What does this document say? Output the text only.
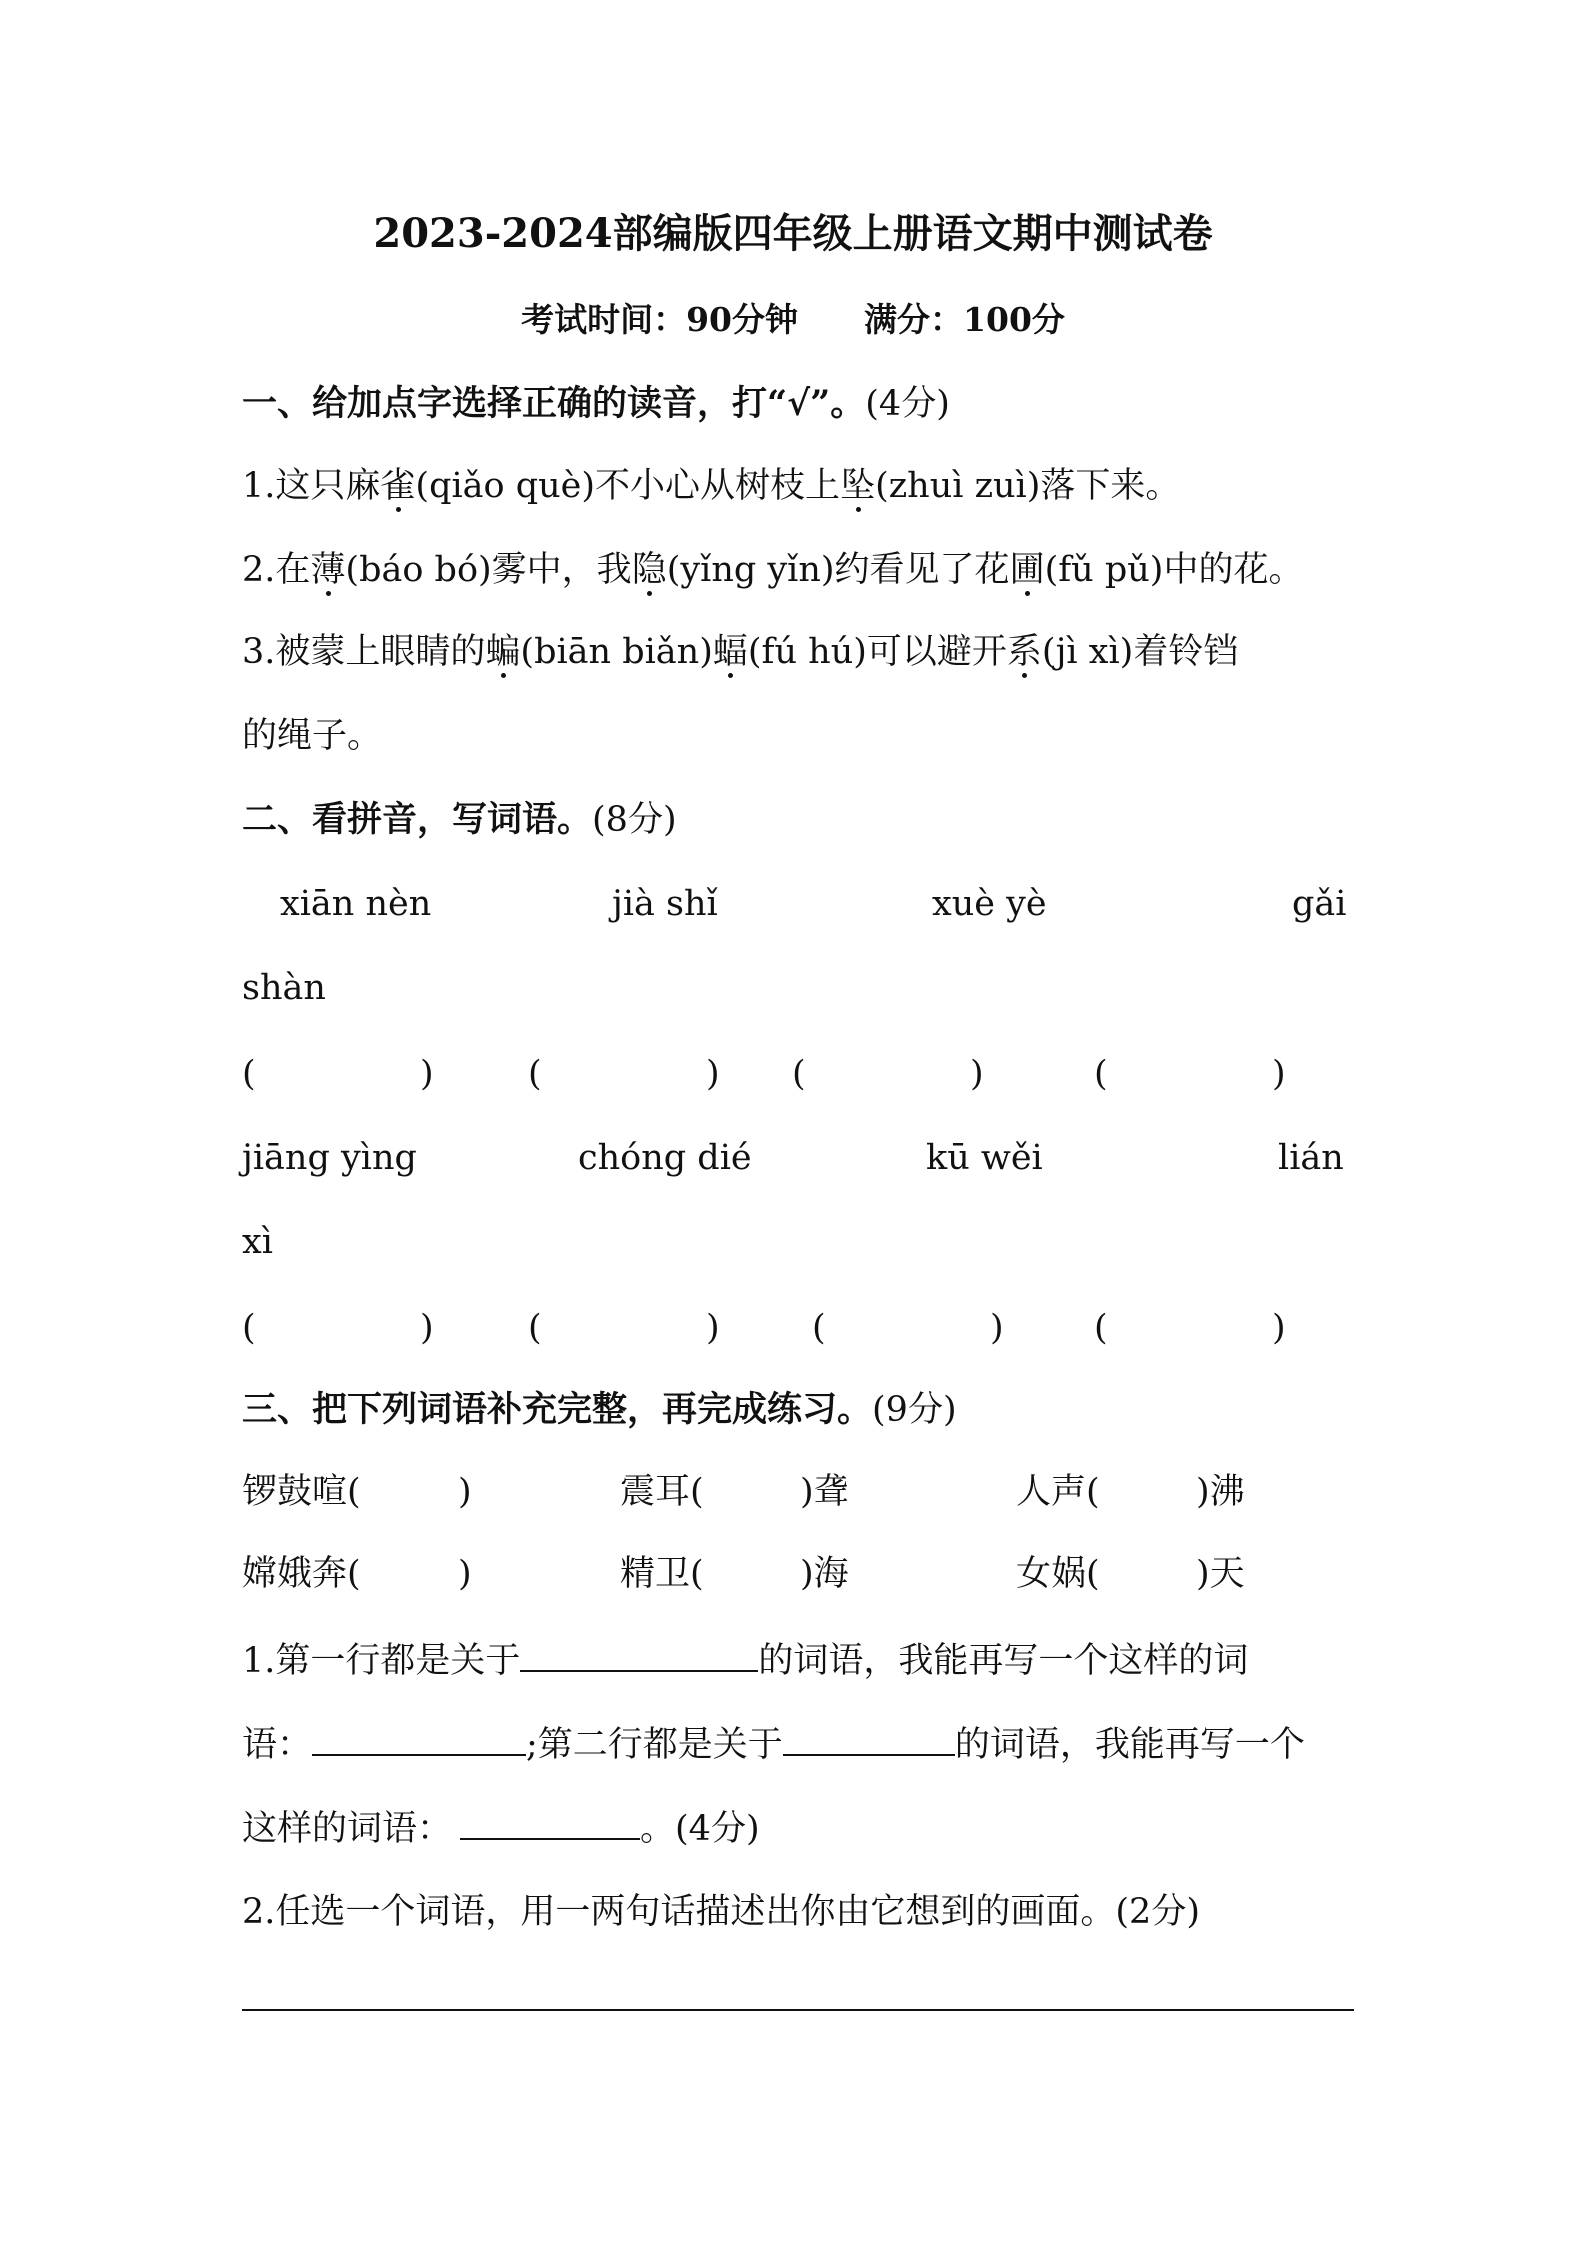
2023-2024部编版四年级上册语文期中测试卷
考试时间：90分钟　　满分：100分
一、给加点字选择正确的读音，打“√”。(4分)
1.这只麻雀(qiǎo què)不小心从树枝上坠(zhuì zuì)落下来。
2.在薄(báo bó)雾中，我隐(yǐng yǐn)约看见了花圃(fǔ pǔ)中的花。
3.被蒙上眼睛的蝙(biān biǎn)蝠(fú hú)可以避开系(jì xì)着铃铛
的绳子。
二、看拼音，写词语。(8分)
xiān nèn	jià shǐ	xuè yè	gǎi
shàn
(	)	(	) (	)	(	)
jiāng yìng	chóng dié	kū wěi	lián
xì
(	)	(	)	(	)	(	)
三、把下列词语补充完整，再完成练习。(9分)
锣鼓喧(	)	震耳(	)聋	人声(	)沸
嫦娥奔(	)	精卫(	)海	女娲(	)天
1.第一行都是关于	的词语，我能再写一个这样的词
语：	;第二行都是关于	的词语，我能再写一个
这样的词语：	。(4分)
2.任选一个词语，用一两句话描述出你由它想到的画面。(2分)
